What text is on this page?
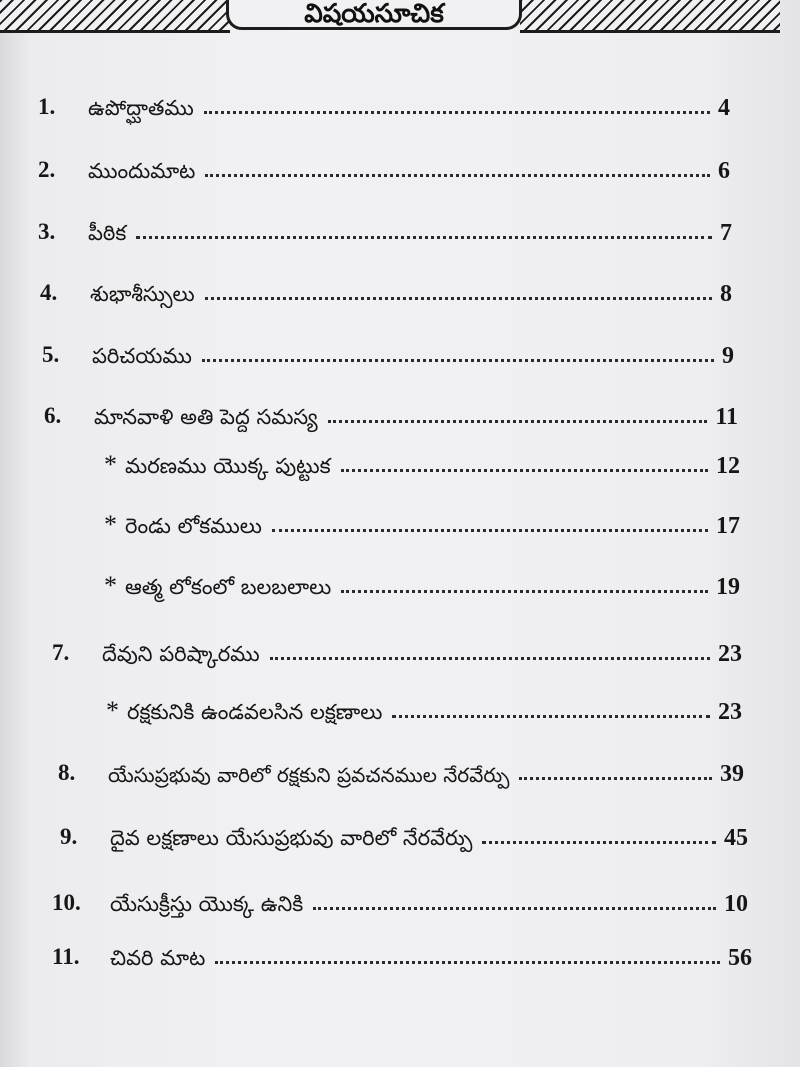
విషయసూచిక
1.	ఉపోద్ఘాతము	4
2.	ముందుమాట	6
3.	పీఠిక	7
4.	శుభాశీస్సులు	8
5.	పరిచయము	9
6.	మానవాళి అతి పెద్ద సమస్య	11
* మరణము యొక్క పుట్టుక	12
* రెండు లోకములు	17
* ఆత్మ లోకంలో బలబలాలు	19
7.	దేవుని పరిష్కారము	23
* రక్షకునికి ఉండవలసిన లక్షణాలు	23
8.	యేసుప్రభువు వారిలో రక్షకుని ప్రవచనముల నేరవేర్పు	39
9.	దైవ లక్షణాలు యేసుప్రభువు వారిలో నేరవేర్పు	45
10.	యేసుక్రీస్తు యొక్క ఉనికి	10
11.	చివరి మాట	56
